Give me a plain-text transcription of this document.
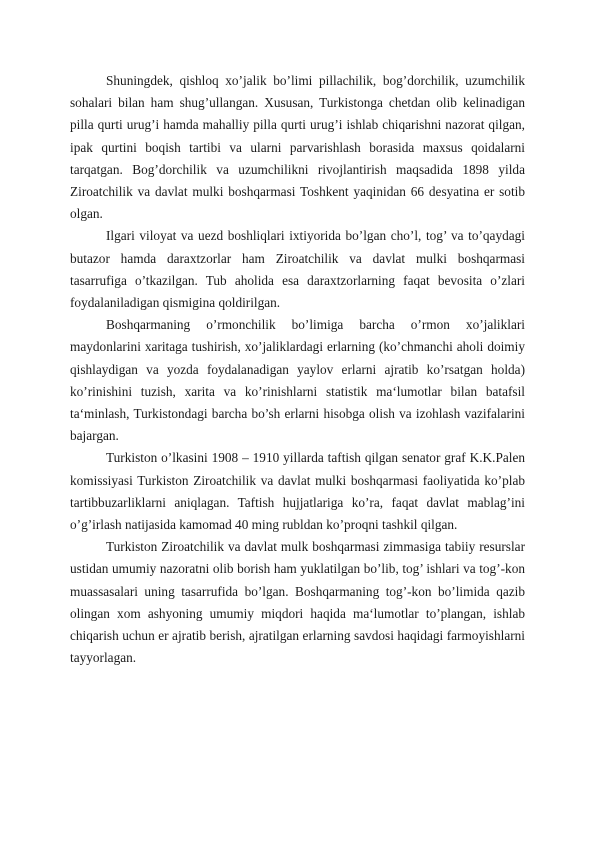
Shuningdek, qishloq xo’jalik bo’limi pillachilik, bog’dorchilik, uzumchilik sohalari bilan ham shug’ullangan. Xususan, Turkistonga chetdan olib kelinadigan pilla qurti urug’i hamda mahalliy pilla qurti urug’i ishlab chiqarishni nazorat qilgan, ipak qurtini boqish tartibi va ularni parvarishlash borasida maxsus qoidalarni tarqatgan. Bog’dorchilik va uzumchilikni rivojlantirish maqsadida 1898 yilda Ziroatchilik va davlat mulki boshqarmasi Toshkent yaqinidan 66 desyatina er sotib olgan.

Ilgari viloyat va uezd boshliqlari ixtiyorida bo’lgan cho’l, tog’ va to’qaydagi butazor hamda daraxtzorlar ham Ziroatchilik va davlat mulki boshqarmasi tasarrufiga o’tkazilgan. Tub aholida esa daraxtzorlarning faqat bevosita o’zlari foydalaniladigan qismigina qoldirilgan.

Boshqarmaning o’rmonchilik bo’limiga barcha o’rmon xo’jaliklari maydonlarini xaritaga tushirish, xo’jaliklardagi erlarning (ko’chmanchi aholi doimiy qishlaydigan va yozda foydalanadigan yaylov erlarni ajratib ko’rsatgan holda) ko’rinishini tuzish, xarita va ko’rinishlarni statistik ma‘lumotlar bilan batafsil ta‘minlash, Turkistondagi barcha bo’sh erlarni hisobga olish va izohlash vazifalarini bajargan.

Turkiston o’lkasini 1908 – 1910 yillarda taftish qilgan senator graf K.K.Palen komissiyasi Turkiston Ziroatchilik va davlat mulki boshqarmasi faoliyatida ko’plab tartibbuzarliklarni aniqlagan. Taftish hujjatlariga ko’ra, faqat davlat mablag’ini o’g’irlash natijasida kamomad 40 ming rubldan ko’proqni tashkil qilgan.

Turkiston Ziroatchilik va davlat mulk boshqarmasi zimmasiga tabiiy resurslar ustidan umumiy nazoratni olib borish ham yuklatilgan bo’lib, tog’ ishlari va tog’-kon muassasalari uning tasarrufida bo’lgan. Boshqarmaning tog’-kon bo’limida qazib olingan xom ashyoning umumiy miqdori haqida ma‘lumotlar to’plangan, ishlab chiqarish uchun er ajratib berish, ajratilgan erlarning savdosi haqidagi farmoyishlarni tayyorlagan.
